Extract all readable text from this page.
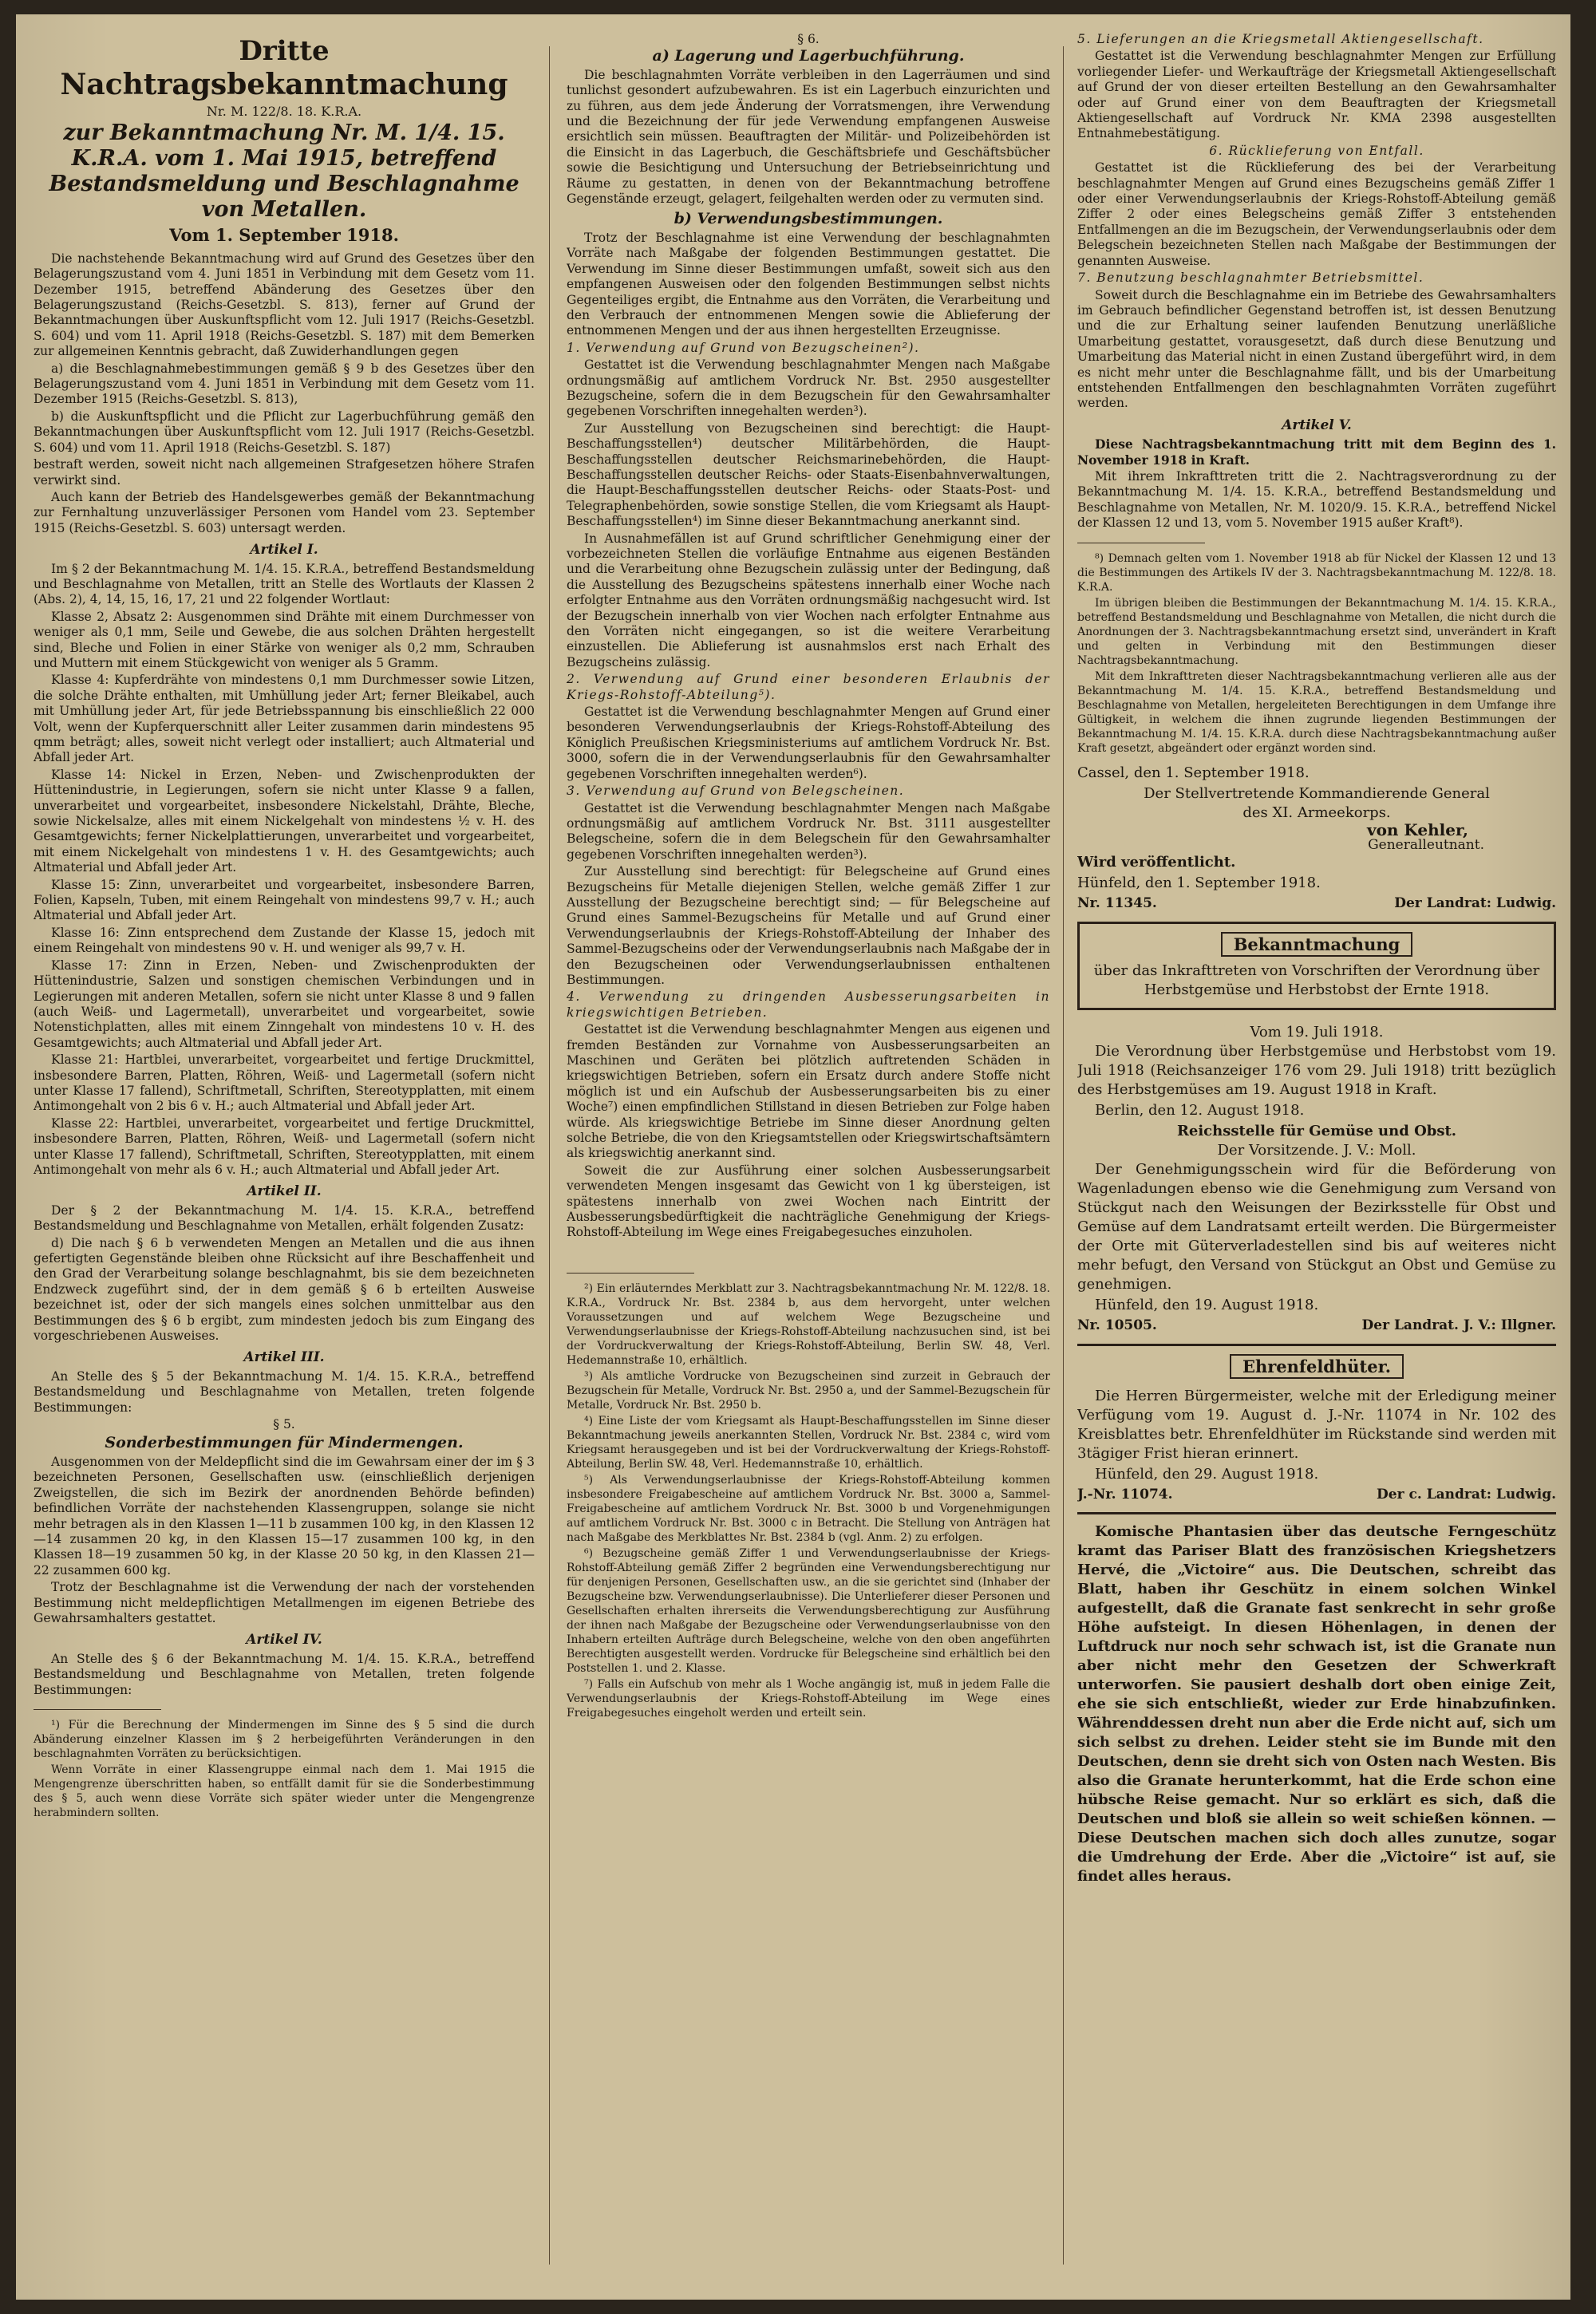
Dritte
Nachtragsbekanntmachung
Nr. M. 122/8. 18. K.R.A.
zur Bekanntmachung Nr. M. 1/4. 15. K.R.A. vom 1. Mai 1915, betreffend Bestandsmeldung und Beschlagnahme von Metallen.
Vom 1. September 1918.

Die nachstehende Bekanntmachung wird auf Grund des Gesetzes über den Belagerungszustand vom 4. Juni 1851 in Verbindung mit dem Gesetz vom 11. Dezember 1915, betreffend Abänderung des Gesetzes über den Belagerungszustand (Reichs-Gesetzbl. S. 813), ferner auf Grund der Bekanntmachungen über Auskunftspflicht vom 12. Juli 1917 (Reichs-Gesetzbl. S. 604) und vom 11. April 1918 (Reichs-Gesetzbl. S. 187) mit dem Bemerken zur allgemeinen Kenntnis gebracht, daß Zuwiderhandlungen gegen

a) die Beschlagnahmebestimmungen gemäß § 9 b des Gesetzes über den Belagerungszustand vom 4. Juni 1851 in Verbindung mit dem Gesetz vom 11. Dezember 1915 (Reichs-Gesetzbl. S. 813),

b) die Auskunftspflicht und die Pflicht zur Lagerbuchführung gemäß den Bekanntmachungen über Auskunftspflicht vom 12. Juli 1917 (Reichs-Gesetzbl. S. 604) und vom 11. April 1918 (Reichs-Gesetzbl. S. 187)

bestraft werden, soweit nicht nach allgemeinen Strafgesetzen höhere Strafen verwirkt sind.

Auch kann der Betrieb des Handelsgewerbes gemäß der Bekanntmachung zur Fernhaltung unzuverlässiger Personen vom Handel vom 23. September 1915 (Reichs-Gesetzbl. S. 603) untersagt werden.

Artikel I.

Im § 2 der Bekanntmachung M. 1/4. 15. K.R.A., betreffend Bestandsmeldung und Beschlagnahme von Metallen, tritt an Stelle des Wortlauts der Klassen 2 (Abs. 2), 4, 14, 15, 16, 17, 21 und 22 folgender Wortlaut:

Klasse 2, Absatz 2: Ausgenommen sind Drähte mit einem Durchmesser von weniger als 0,1 mm, Seile und Gewebe, die aus solchen Drähten hergestellt sind, Bleche und Folien in einer Stärke von weniger als 0,2 mm, Schrauben und Muttern mit einem Stückgewicht von weniger als 5 Gramm.

Klasse 4: Kupferdrähte von mindestens 0,1 mm Durchmesser sowie Litzen, die solche Drähte enthalten, mit Umhüllung jeder Art; ferner Bleikabel, auch mit Umhüllung jeder Art, für jede Betriebsspannung bis einschließlich 22 000 Volt, wenn der Kupferquerschnitt aller Leiter zusammen darin mindestens 95 qmm beträgt; alles, soweit nicht verlegt oder installiert; auch Altmaterial und Abfall jeder Art.

Klasse 14: Nickel in Erzen, Neben- und Zwischenprodukten der Hüttenindustrie, in Legierungen, sofern sie nicht unter Klasse 9 a fallen, unverarbeitet und vorgearbeitet, insbesondere Nickelstahl, Drähte, Bleche, sowie Nickelsalze, alles mit einem Nickelgehalt von mindestens ½ v. H. des Gesamtgewichts; ferner Nickelplattierungen, unverarbeitet und vorgearbeitet, mit einem Nickelgehalt von mindestens 1 v. H. des Gesamtgewichts; auch Altmaterial und Abfall jeder Art.

Klasse 15: Zinn, unverarbeitet und vorgearbeitet, insbesondere Barren, Folien, Kapseln, Tuben, mit einem Reingehalt von mindestens 99,7 v. H.; auch Altmaterial und Abfall jeder Art.

Klasse 16: Zinn entsprechend dem Zustande der Klasse 15, jedoch mit einem Reingehalt von mindestens 90 v. H. und weniger als 99,7 v. H.

Klasse 17: Zinn in Erzen, Neben- und Zwischenprodukten der Hüttenindustrie, Salzen und sonstigen chemischen Verbindungen und in Legierungen mit anderen Metallen, sofern sie nicht unter Klasse 8 und 9 fallen (auch Weiß- und Lagermetall), unverarbeitet und vorgearbeitet, sowie Notenstichplatten, alles mit einem Zinngehalt von mindestens 10 v. H. des Gesamtgewichts; auch Altmaterial und Abfall jeder Art.

Klasse 21: Hartblei, unverarbeitet, vorgearbeitet und fertige Druckmittel, insbesondere Barren, Platten, Röhren, Weiß- und Lagermetall (sofern nicht unter Klasse 17 fallend), Schriftmetall, Schriften, Stereotypplatten, mit einem Antimongehalt von 2 bis 6 v. H.; auch Altmaterial und Abfall jeder Art.

Klasse 22: Hartblei, unverarbeitet, vorgearbeitet und fertige Druckmittel, insbesondere Barren, Platten, Röhren, Weiß- und Lagermetall (sofern nicht unter Klasse 17 fallend), Schriftmetall, Schriften, Stereotypplatten, mit einem Antimongehalt von mehr als 6 v. H.; auch Altmaterial und Abfall jeder Art.

Artikel II.

Der § 2 der Bekanntmachung M. 1/4. 15. K.R.A., betreffend Bestandsmeldung und Beschlagnahme von Metallen, erhält folgenden Zusatz:

d) Die nach § 6 b verwendeten Mengen an Metallen und die aus ihnen gefertigten Gegenstände bleiben ohne Rücksicht auf ihre Beschaffenheit und den Grad der Verarbeitung solange beschlagnahmt, bis sie dem bezeichneten Endzweck zugeführt sind, der in dem gemäß § 6 b erteilten Ausweise bezeichnet ist, oder der sich mangels eines solchen unmittelbar aus den Bestimmungen des § 6 b ergibt, zum mindesten jedoch bis zum Eingang des vorgeschriebenen Ausweises.

Artikel III.

An Stelle des § 5 der Bekanntmachung M. 1/4. 15. K.R.A., betreffend Bestandsmeldung und Beschlagnahme von Metallen, treten folgende Bestimmungen:

§ 5.
Sonderbestimmungen für Mindermengen.

Ausgenommen von der Meldepflicht sind die im Gewahrsam einer der im § 3 bezeichneten Personen, Gesellschaften usw. (einschließlich derjenigen Zweigstellen, die sich im Bezirk der anordnenden Behörde befinden) befindlichen Vorräte der nachstehenden Klassengruppen, solange sie nicht mehr betragen als in den Klassen 1—11 b zusammen 100 kg, in den Klassen 12—14 zusammen 20 kg, in den Klassen 15—17 zusammen 100 kg, in den Klassen 18—19 zusammen 50 kg, in der Klasse 20 50 kg, in den Klassen 21—22 zusammen 600 kg.

Trotz der Beschlagnahme ist die Verwendung der nach der vorstehenden Bestimmung nicht meldepflichtigen Metallmengen im eigenen Betriebe des Gewahrsamhalters gestattet.

Artikel IV.

An Stelle des § 6 der Bekanntmachung M. 1/4. 15. K.R.A., betreffend Bestandsmeldung und Beschlagnahme von Metallen, treten folgende Bestimmungen:

¹) Für die Berechnung der Mindermengen im Sinne des § 5 sind die durch Abänderung einzelner Klassen im § 2 herbeigeführten Veränderungen in den beschlagnahmten Vorräten zu berücksichtigen.

Wenn Vorräte in einer Klassengruppe einmal nach dem 1. Mai 1915 die Mengengrenze überschritten haben, so entfällt damit für sie die Sonderbestimmung des § 5, auch wenn diese Vorräte sich später wieder unter die Mengengrenze herabmindern sollten.

§ 6.
a) Lagerung und Lagerbuchführung.

Die beschlagnahmten Vorräte verbleiben in den Lagerräumen und sind tunlichst gesondert aufzubewahren. Es ist ein Lagerbuch einzurichten und zu führen, aus dem jede Änderung der Vorratsmengen, ihre Verwendung und die Bezeichnung der für jede Verwendung empfangenen Ausweise ersichtlich sein müssen. Beauftragten der Militär- und Polizeibehörden ist die Einsicht in das Lagerbuch, die Geschäftsbriefe und Geschäftsbücher sowie die Besichtigung und Untersuchung der Betriebseinrichtung und Räume zu gestatten, in denen von der Bekanntmachung betroffene Gegenstände erzeugt, gelagert, feilgehalten werden oder zu vermuten sind.

b) Verwendungsbestimmungen.

Trotz der Beschlagnahme ist eine Verwendung der beschlagnahmten Vorräte nach Maßgabe der folgenden Bestimmungen gestattet. Die Verwendung im Sinne dieser Bestimmungen umfaßt, soweit sich aus den empfangenen Ausweisen oder den folgenden Bestimmungen selbst nichts Gegenteiliges ergibt, die Entnahme aus den Vorräten, die Verarbeitung und den Verbrauch der entnommenen Mengen sowie die Ablieferung der entnommenen Mengen und der aus ihnen hergestellten Erzeugnisse.

1. Verwendung auf Grund von Bezugscheinen²).

Gestattet ist die Verwendung beschlagnahmter Mengen nach Maßgabe ordnungsmäßig auf amtlichem Vordruck Nr. Bst. 2950 ausgestellter Bezugscheine, sofern die in dem Bezugschein für den Gewahrsamhalter gegebenen Vorschriften innegehalten werden³).

Zur Ausstellung von Bezugscheinen sind berechtigt: die Haupt-Beschaffungsstellen⁴) deutscher Militärbehörden, die Haupt-Beschaffungsstellen deutscher Reichsmarinebehörden, die Haupt-Beschaffungsstellen deutscher Reichs- oder Staats-Eisenbahnverwaltungen, die Haupt-Beschaffungsstellen deutscher Reichs- oder Staats-Post- und Telegraphenbehörden, sowie sonstige Stellen, die vom Kriegsamt als Haupt-Beschaffungsstellen⁴) im Sinne dieser Bekanntmachung anerkannt sind.

In Ausnahmefällen ist auf Grund schriftlicher Genehmigung einer der vorbezeichneten Stellen die vorläufige Entnahme aus eigenen Beständen und die Verarbeitung ohne Bezugschein zulässig unter der Bedingung, daß die Ausstellung des Bezugscheins spätestens innerhalb einer Woche nach erfolgter Entnahme aus den Vorräten ordnungsmäßig nachgesucht wird. Ist der Bezugschein innerhalb von vier Wochen nach erfolgter Entnahme aus den Vorräten nicht eingegangen, so ist die weitere Verarbeitung einzustellen. Die Ablieferung ist ausnahmslos erst nach Erhalt des Bezugscheins zulässig.

2. Verwendung auf Grund einer besonderen Erlaubnis der Kriegs-Rohstoff-Abteilung⁵).

Gestattet ist die Verwendung beschlagnahmter Mengen auf Grund einer besonderen Verwendungserlaubnis der Kriegs-Rohstoff-Abteilung des Königlich Preußischen Kriegsministeriums auf amtlichem Vordruck Nr. Bst. 3000, sofern die in der Verwendungserlaubnis für den Gewahrsamhalter gegebenen Vorschriften innegehalten werden⁶).

3. Verwendung auf Grund von Belegscheinen.

Gestattet ist die Verwendung beschlagnahmter Mengen nach Maßgabe ordnungsmäßig auf amtlichem Vordruck Nr. Bst. 3111 ausgestellter Belegscheine, sofern die in dem Belegschein für den Gewahrsamhalter gegebenen Vorschriften innegehalten werden³).

Zur Ausstellung sind berechtigt: für Belegscheine auf Grund eines Bezugscheins für Metalle diejenigen Stellen, welche gemäß Ziffer 1 zur Ausstellung der Bezugscheine berechtigt sind; — für Belegscheine auf Grund eines Sammel-Bezugscheins für Metalle und auf Grund einer Verwendungserlaubnis der Kriegs-Rohstoff-Abteilung der Inhaber des Sammel-Bezugscheins oder der Verwendungserlaubnis nach Maßgabe der in den Bezugscheinen oder Verwendungserlaubnissen enthaltenen Bestimmungen.

4. Verwendung zu dringenden Ausbesserungsarbeiten in kriegswichtigen Betrieben.

Gestattet ist die Verwendung beschlagnahmter Mengen aus eigenen und fremden Beständen zur Vornahme von Ausbesserungsarbeiten an Maschinen und Geräten bei plötzlich auftretenden Schäden in kriegswichtigen Betrieben, sofern ein Ersatz durch andere Stoffe nicht möglich ist und ein Aufschub der Ausbesserungsarbeiten bis zu einer Woche⁷) einen empfindlichen Stillstand in diesen Betrieben zur Folge haben würde. Als kriegswichtige Betriebe im Sinne dieser Anordnung gelten solche Betriebe, die von den Kriegsamtstellen oder Kriegswirtschaftsämtern als kriegswichtig anerkannt sind.

Soweit die zur Ausführung einer solchen Ausbesserungsarbeit verwendeten Mengen insgesamt das Gewicht von 1 kg übersteigen, ist spätestens innerhalb von zwei Wochen nach Eintritt der Ausbesserungsbedürftigkeit die nachträgliche Genehmigung der Kriegs-Rohstoff-Abteilung im Wege eines Freigabegesuches einzuholen.

²) Ein erläuterndes Merkblatt zur 3. Nachtragsbekanntmachung Nr. M. 122/8. 18. K.R.A., Vordruck Nr. Bst. 2384 b, aus dem hervorgeht, unter welchen Voraussetzungen und auf welchem Wege Bezugscheine und Verwendungserlaubnisse der Kriegs-Rohstoff-Abteilung nachzusuchen sind, ist bei der Vordruckverwaltung der Kriegs-Rohstoff-Abteilung, Berlin SW. 48, Verl. Hedemannstraße 10, erhältlich.

³) Als amtliche Vordrucke von Bezugscheinen sind zurzeit in Gebrauch der Bezugschein für Metalle, Vordruck Nr. Bst. 2950 a, und der Sammel-Bezugschein für Metalle, Vordruck Nr. Bst. 2950 b.

⁴) Eine Liste der vom Kriegsamt als Haupt-Beschaffungsstellen im Sinne dieser Bekanntmachung jeweils anerkannten Stellen, Vordruck Nr. Bst. 2384 c, wird vom Kriegsamt herausgegeben und ist bei der Vordruckverwaltung der Kriegs-Rohstoff-Abteilung, Berlin SW. 48, Verl. Hedemannstraße 10, erhältlich.

⁵) Als Verwendungserlaubnisse der Kriegs-Rohstoff-Abteilung kommen insbesondere Freigabescheine auf amtlichem Vordruck Nr. Bst. 3000 a, Sammel-Freigabescheine auf amtlichem Vordruck Nr. Bst. 3000 b und Vorgenehmigungen auf amtlichem Vordruck Nr. Bst. 3000 c in Betracht. Die Stellung von Anträgen hat nach Maßgabe des Merkblattes Nr. Bst. 2384 b (vgl. Anm. 2) zu erfolgen.

⁶) Bezugscheine gemäß Ziffer 1 und Verwendungserlaubnisse der Kriegs-Rohstoff-Abteilung gemäß Ziffer 2 begründen eine Verwendungsberechtigung nur für denjenigen Personen, Gesellschaften usw., an die sie gerichtet sind (Inhaber der Bezugscheine bzw. Verwendungserlaubnisse). Die Unterlieferer dieser Personen und Gesellschaften erhalten ihrerseits die Verwendungsberechtigung zur Ausführung der ihnen nach Maßgabe der Bezugscheine oder Verwendungserlaubnisse von den Inhabern erteilten Aufträge durch Belegscheine, welche von den oben angeführten Berechtigten ausgestellt werden. Vordrucke für Belegscheine sind erhältlich bei den Poststellen 1. und 2. Klasse.

⁷) Falls ein Aufschub von mehr als 1 Woche angängig ist, muß in jedem Falle die Verwendungserlaubnis der Kriegs-Rohstoff-Abteilung im Wege eines Freigabegesuches eingeholt werden und erteilt sein.

5. Lieferungen an die Kriegsmetall Aktiengesellschaft.

Gestattet ist die Verwendung beschlagnahmter Mengen zur Erfüllung vorliegender Liefer- und Werkaufträge der Kriegsmetall Aktiengesellschaft auf Grund der von dieser erteilten Bestellung an den Gewahrsamhalter oder auf Grund einer von dem Beauftragten der Kriegsmetall Aktiengesellschaft auf Vordruck Nr. KMA 2398 ausgestellten Entnahmebestätigung.

6. Rücklieferung von Entfall.

Gestattet ist die Rücklieferung des bei der Verarbeitung beschlagnahmter Mengen auf Grund eines Bezugscheins gemäß Ziffer 1 oder einer Verwendungserlaubnis der Kriegs-Rohstoff-Abteilung gemäß Ziffer 2 oder eines Belegscheins gemäß Ziffer 3 entstehenden Entfallmengen an die im Bezugschein, der Verwendungserlaubnis oder dem Belegschein bezeichneten Stellen nach Maßgabe der Bestimmungen der genannten Ausweise.

7. Benutzung beschlagnahmter Betriebsmittel.

Soweit durch die Beschlagnahme ein im Betriebe des Gewahrsamhalters im Gebrauch befindlicher Gegenstand betroffen ist, ist dessen Benutzung und die zur Erhaltung seiner laufenden Benutzung unerläßliche Umarbeitung gestattet, vorausgesetzt, daß durch diese Benutzung und Umarbeitung das Material nicht in einen Zustand übergeführt wird, in dem es nicht mehr unter die Beschlagnahme fällt, und bis der Umarbeitung entstehenden Entfallmengen den beschlagnahmten Vorräten zugeführt werden.

Artikel V.

Diese Nachtragsbekanntmachung tritt mit dem Beginn des 1. November 1918 in Kraft.

Mit ihrem Inkrafttreten tritt die 2. Nachtragsverordnung zu der Bekanntmachung M. 1/4. 15. K.R.A., betreffend Bestandsmeldung und Beschlagnahme von Metallen, Nr. M. 1020/9. 15. K.R.A., betreffend Nickel der Klassen 12 und 13, vom 5. November 1915 außer Kraft⁸).

⁸) Demnach gelten vom 1. November 1918 ab für Nickel der Klassen 12 und 13 die Bestimmungen des Artikels IV der 3. Nachtragsbekanntmachung M. 122/8. 18. K.R.A.

Im übrigen bleiben die Bestimmungen der Bekanntmachung M. 1/4. 15. K.R.A., betreffend Bestandsmeldung und Beschlagnahme von Metallen, die nicht durch die Anordnungen der 3. Nachtragsbekanntmachung ersetzt sind, unverändert in Kraft und gelten in Verbindung mit den Bestimmungen dieser Nachtragsbekanntmachung.

Mit dem Inkrafttreten dieser Nachtragsbekanntmachung verlieren alle aus der Bekanntmachung M. 1/4. 15. K.R.A., betreffend Bestandsmeldung und Beschlagnahme von Metallen, hergeleiteten Berechtigungen in dem Umfange ihre Gültigkeit, in welchem die ihnen zugrunde liegenden Bestimmungen der Bekanntmachung M. 1/4. 15. K.R.A. durch diese Nachtragsbekanntmachung außer Kraft gesetzt, abgeändert oder ergänzt worden sind.

Cassel, den 1. September 1918.

Der Stellvertretende Kommandierende General
des XI. Armeekorps.
von Kehler,
Generalleutnant.

Wird veröffentlicht.

Hünfeld, den 1. September 1918.

Nr. 11345.	Der Landrat: Ludwig.
Bekanntmachung
über das Inkrafttreten von Vorschriften der Verordnung über Herbstgemüse und Herbstobst der Ernte 1918.
Vom 19. Juli 1918.

Die Verordnung über Herbstgemüse und Herbstobst vom 19. Juli 1918 (Reichsanzeiger 176 vom 29. Juli 1918) tritt bezüglich des Herbstgemüses am 19. August 1918 in Kraft.

Berlin, den 12. August 1918.

Reichsstelle für Gemüse und Obst.
Der Vorsitzende. J. V.: Moll.

Der Genehmigungsschein wird für die Beförderung von Wagenladungen ebenso wie die Genehmigung zum Versand von Stückgut nach den Weisungen der Bezirksstelle für Obst und Gemüse auf dem Landratsamt erteilt werden. Die Bürgermeister der Orte mit Güterverladestellen sind bis auf weiteres nicht mehr befugt, den Versand von Stückgut an Obst und Gemüse zu genehmigen.

Hünfeld, den 19. August 1918.

Nr. 10505.	Der Landrat. J. V.: Illgner.
Ehrenfeldhüter.

Die Herren Bürgermeister, welche mit der Erledigung meiner Verfügung vom 19. August d. J.-Nr. 11074 in Nr. 102 des Kreisblattes betr. Ehrenfeldhüter im Rückstande sind werden mit 3tägiger Frist hieran erinnert.

Hünfeld, den 29. August 1918.

J.-Nr. 11074.	Der c. Landrat: Ludwig.

Komische Phantasien über das deutsche Ferngeschütz kramt das Pariser Blatt des französischen Kriegshetzers Hervé, die „Victoire“ aus. Die Deutschen, schreibt das Blatt, haben ihr Geschütz in einem solchen Winkel aufgestellt, daß die Granate fast senkrecht in sehr große Höhe aufsteigt. In diesen Höhenlagen, in denen der Luftdruck nur noch sehr schwach ist, ist die Granate nun aber nicht mehr den Gesetzen der Schwerkraft unterworfen. Sie pausiert deshalb dort oben einige Zeit, ehe sie sich entschließt, wieder zur Erde hinabzufinken. Währenddessen dreht nun aber die Erde nicht auf, sich um sich selbst zu drehen. Leider steht sie im Bunde mit den Deutschen, denn sie dreht sich von Osten nach Westen. Bis also die Granate herunterkommt, hat die Erde schon eine hübsche Reise gemacht. Nur so erklärt es sich, daß die Deutschen und bloß sie allein so weit schießen können. — Diese Deutschen machen sich doch alles zunutze, sogar die Umdrehung der Erde. Aber die „Victoire“ ist auf, sie findet alles heraus.
